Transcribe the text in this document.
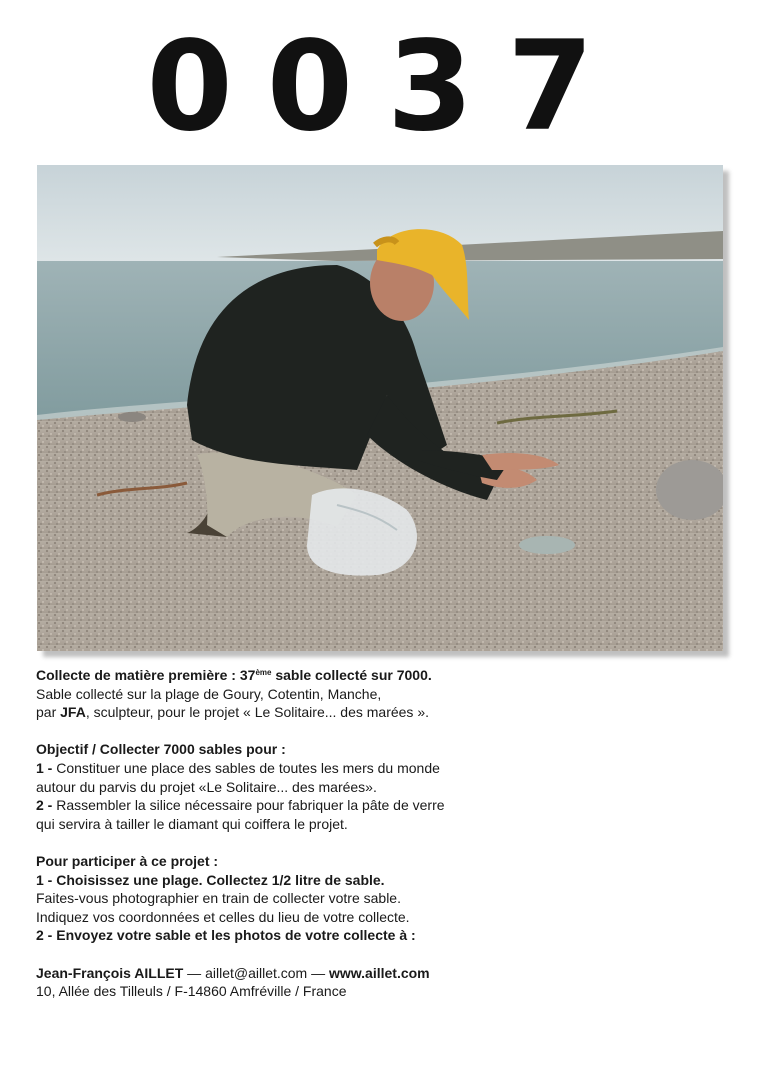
0037

Collecte de matière première : 37ème sable collecté sur 7000.

Sable collecté sur la plage de Goury, Cotentin, Manche,

par JFA, sculpteur, pour le projet « Le Solitaire... des marées ».

Objectif / Collecter 7000 sables pour :

1 - Constituer une place des sables de toutes les mers du monde

autour du parvis du projet «Le Solitaire... des marées».

2 - Rassembler la silice nécessaire pour fabriquer la pâte de verre

qui servira à tailler le diamant qui coiffera le projet.

Pour participer à ce projet :

1 - Choisissez une plage. Collectez 1/2 litre de sable.

Faites-vous photographier en train de collecter votre sable.

Indiquez vos coordonnées et celles du lieu de votre collecte.

2 - Envoyez votre sable et les photos de votre collecte à :

Jean-François AILLET — aillet@aillet.com — www.aillet.com

10, Allée des Tilleuls / F-14860 Amfréville / France
